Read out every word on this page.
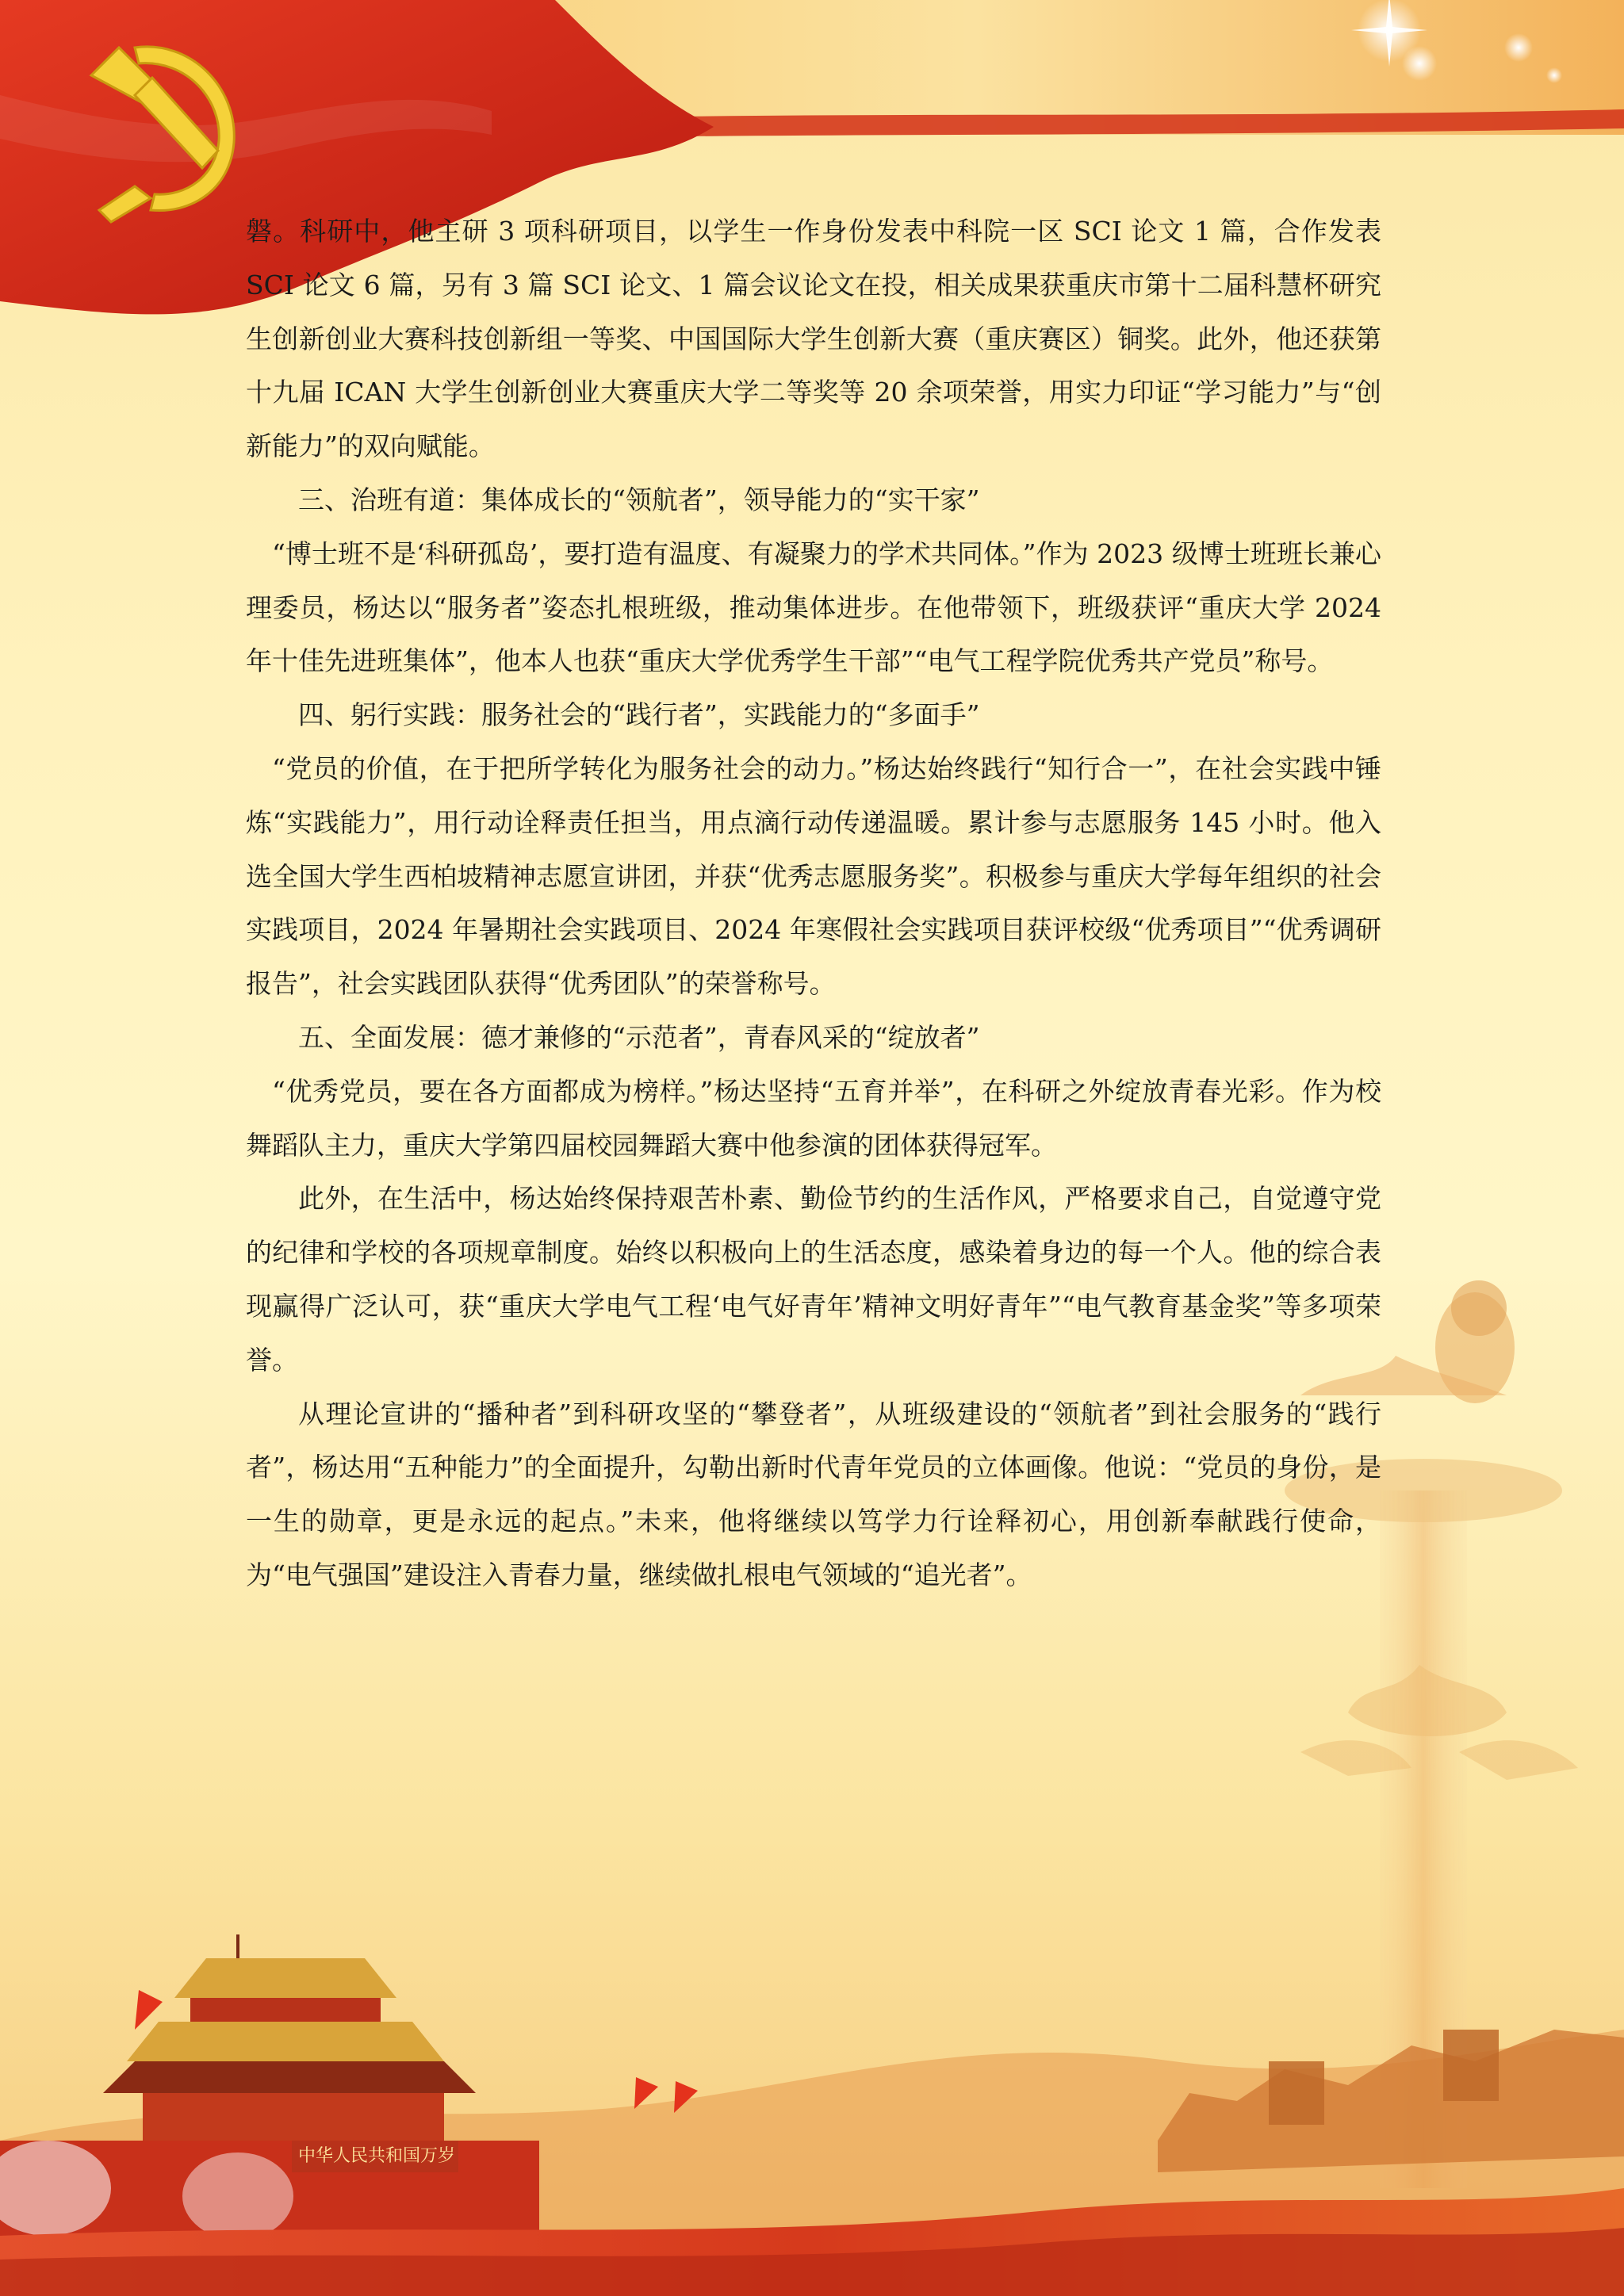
中华人民共和国万岁

磐。科研中，他主研 3 项科研项目，以学生一作身份发表中科院一区 SCI 论文 1 篇，合作发表 SCI 论文 6 篇，另有 3 篇 SCI 论文、1 篇会议论文在投，相关成果获重庆市第十二届科慧杯研究生创新创业大赛科技创新组一等奖、中国国际大学生创新大赛（重庆赛区）铜奖。此外，他还获第十九届 ICAN 大学生创新创业大赛重庆大学二等奖等 20 余项荣誉，用实力印证“学习能力”与“创新能力”的双向赋能。

三、治班有道：集体成长的“领航者”，领导能力的“实干家”

“博士班不是‘科研孤岛’，要打造有温度、有凝聚力的学术共同体。”作为 2023 级博士班班长兼心理委员，杨达以“服务者”姿态扎根班级，推动集体进步。在他带领下，班级获评“重庆大学 2024 年十佳先进班集体”，他本人也获“重庆大学优秀学生干部”“电气工程学院优秀共产党员”称号。

四、躬行实践：服务社会的“践行者”，实践能力的“多面手”

“党员的价值，在于把所学转化为服务社会的动力。”杨达始终践行“知行合一”，在社会实践中锤炼“实践能力”，用行动诠释责任担当，用点滴行动传递温暖。累计参与志愿服务 145 小时。他入选全国大学生西柏坡精神志愿宣讲团，并获“优秀志愿服务奖”。积极参与重庆大学每年组织的社会实践项目，2024 年暑期社会实践项目、2024 年寒假社会实践项目获评校级“优秀项目”“优秀调研报告”，社会实践团队获得“优秀团队”的荣誉称号。

五、全面发展：德才兼修的“示范者”，青春风采的“绽放者”

“优秀党员，要在各方面都成为榜样。”杨达坚持“五育并举”，在科研之外绽放青春光彩。作为校舞蹈队主力，重庆大学第四届校园舞蹈大赛中他参演的团体获得冠军。

此外，在生活中，杨达始终保持艰苦朴素、勤俭节约的生活作风，严格要求自己，自觉遵守党的纪律和学校的各项规章制度。始终以积极向上的生活态度，感染着身边的每一个人。他的综合表现赢得广泛认可，获“重庆大学电气工程‘电气好青年’精神文明好青年”“电气教育基金奖”等多项荣誉。

从理论宣讲的“播种者”到科研攻坚的“攀登者”，从班级建设的“领航者”到社会服务的“践行者”，杨达用“五种能力”的全面提升，勾勒出新时代青年党员的立体画像。他说：“党员的身份，是一生的勋章，更是永远的起点。”未来，他将继续以笃学力行诠释初心，用创新奉献践行使命，为“电气强国”建设注入青春力量，继续做扎根电气领域的“追光者”。
